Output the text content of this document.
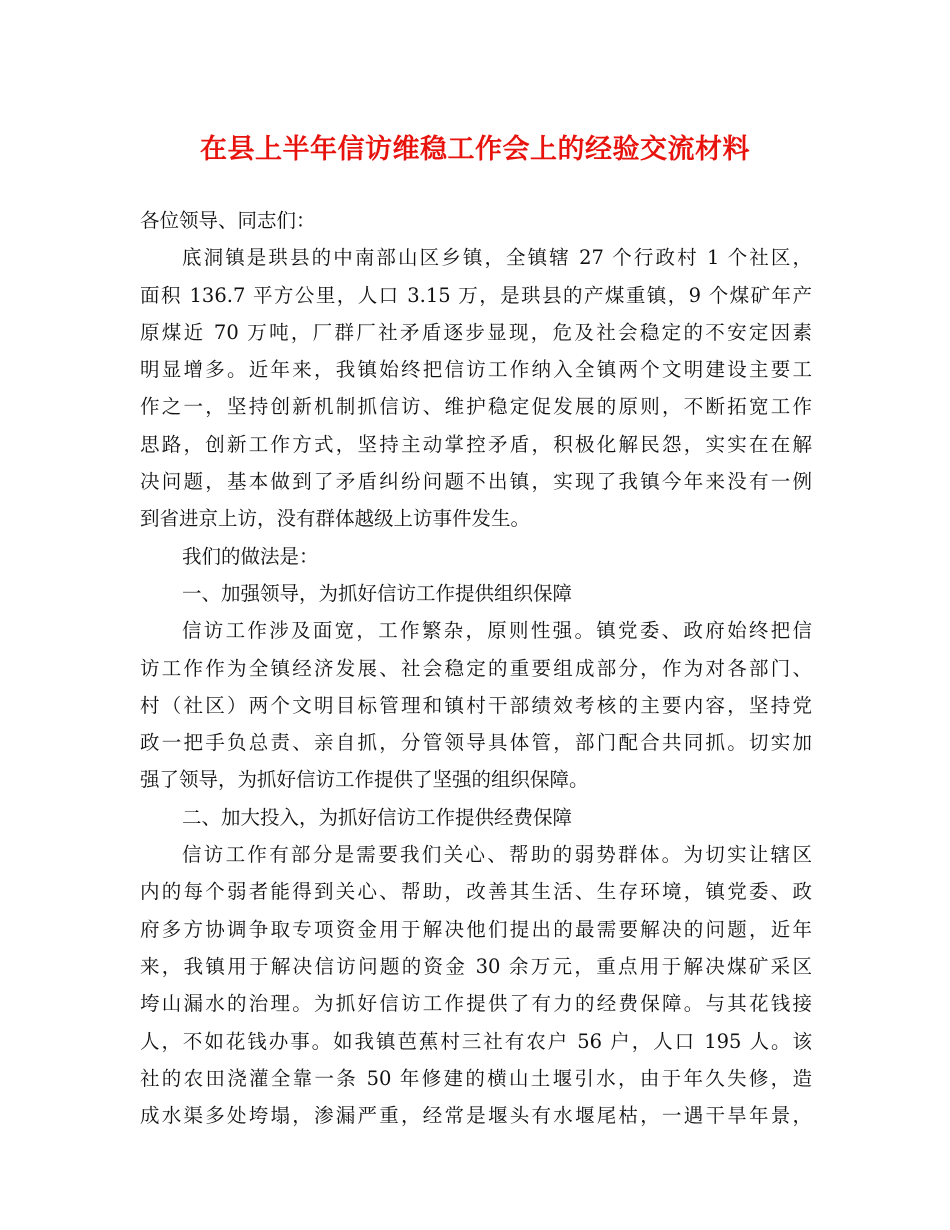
在县上半年信访维稳工作会上的经验交流材料
各位领导、同志们：
底洞镇是珙县的中南部山区乡镇，全镇辖 27 个行政村 1 个社区，
面积 136.7 平方公里，人口 3.15 万，是珙县的产煤重镇，9 个煤矿年产
原煤近 70 万吨，厂群厂社矛盾逐步显现，危及社会稳定的不安定因素
明显增多。近年来，我镇始终把信访工作纳入全镇两个文明建设主要工
作之一，坚持创新机制抓信访、维护稳定促发展的原则，不断拓宽工作
思路，创新工作方式，坚持主动掌控矛盾，积极化解民怨，实实在在解
决问题，基本做到了矛盾纠纷问题不出镇，实现了我镇今年来没有一例
到省进京上访，没有群体越级上访事件发生。
我们的做法是：
一、加强领导，为抓好信访工作提供组织保障
信访工作涉及面宽，工作繁杂，原则性强。镇党委、政府始终把信
访工作作为全镇经济发展、社会稳定的重要组成部分，作为对各部门、
村（社区）两个文明目标管理和镇村干部绩效考核的主要内容，坚持党
政一把手负总责、亲自抓，分管领导具体管，部门配合共同抓。切实加
强了领导，为抓好信访工作提供了坚强的组织保障。
二、加大投入，为抓好信访工作提供经费保障
信访工作有部分是需要我们关心、帮助的弱势群体。为切实让辖区
内的每个弱者能得到关心、帮助，改善其生活、生存环境，镇党委、政
府多方协调争取专项资金用于解决他们提出的最需要解决的问题，近年
来，我镇用于解决信访问题的资金 30 余万元，重点用于解决煤矿采区
垮山漏水的治理。为抓好信访工作提供了有力的经费保障。与其花钱接
人，不如花钱办事。如我镇芭蕉村三社有农户 56 户，人口 195 人。该
社的农田浇灌全靠一条 50 年修建的横山土堰引水，由于年久失修，造
成水渠多处垮塌，渗漏严重，经常是堰头有水堰尾枯，一遇干旱年景，
